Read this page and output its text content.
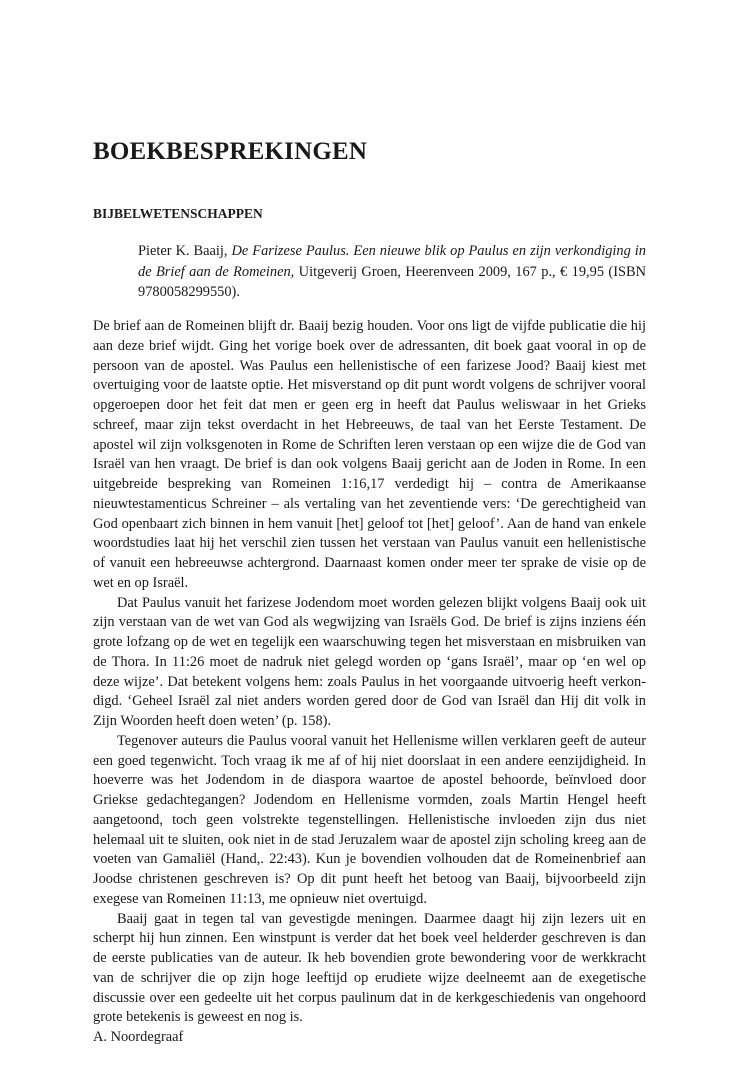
BOEKBESPREKINGEN
BIJBELWETENSCHAPPEN

Pieter K. Baaij, De Farizese Paulus. Een nieuwe blik op Paulus en zijn verkondiging in de Brief aan de Romeinen, Uitgeverij Groen, Heerenveen 2009, 167 p., € 19,95 (ISBN 9780058299550).

De brief aan de Romeinen blijft dr. Baaij bezig houden. Voor ons ligt de vijfde publicatie die hij aan deze brief wijdt. Ging het vorige boek over de adressanten, dit boek gaat vooral in op de persoon van de apostel. Was Paulus een hellenistische of een farizese Jood? Baaij kiest met overtuiging voor de laatste optie. Het misverstand op dit punt wordt volgens de schrijver vooral opgeroepen door het feit dat men er geen erg in heeft dat Paulus weliswaar in het Grieks schreef, maar zijn tekst overdacht in het Hebreeuws, de taal van het Eerste Testament. De apostel wil zijn volksgenoten in Rome de Schriften leren verstaan op een wijze die de God van Israël van hen vraagt. De brief is dan ook volgens Baaij gericht aan de Joden in Rome. In een uitgebreide bespreking van Romeinen 1:16,17 verdedigt hij – contra de Amerikaanse nieuwtestamenticus Schreiner – als vertaling van het zeventiende vers: ‘De gerechtigheid van God openbaart zich binnen in hem vanuit [het] geloof tot [het] geloof’. Aan de hand van enkele woordstudies laat hij het verschil zien tussen het verstaan van Paulus vanuit een hellenistische of vanuit een hebreeuwse achtergrond. Daarnaast komen onder meer ter sprake de visie op de wet en op Israël.

Dat Paulus vanuit het farizese Jodendom moet worden gelezen blijkt volgens Baaij ook uit zijn verstaan van de wet van God als wegwijzing van Israëls God. De brief is zijns inziens één grote lofzang op de wet en tegelijk een waarschuwing tegen het misverstaan en misbruiken van de Thora. In 11:26 moet de nadruk niet gelegd worden op ‘gans Israël’, maar op ‘en wel op deze wijze’. Dat betekent volgens hem: zoals Paulus in het voorgaande uitvoerig heeft verkondigd. ‘Geheel Israël zal niet anders worden gered door de God van Israël dan Hij dit volk in Zijn Woorden heeft doen weten’ (p. 158).

Tegenover auteurs die Paulus vooral vanuit het Hellenisme willen verklaren geeft de auteur een goed tegenwicht. Toch vraag ik me af of hij niet doorslaat in een andere eenzijdigheid. In hoeverre was het Jodendom in de diaspora waartoe de apostel behoorde, beïnvloed door Griekse gedachtegangen? Jodendom en Hellenisme vormden, zoals Martin Hengel heeft aangetoond, toch geen volstrekte tegenstellingen. Hellenistische invloeden zijn dus niet helemaal uit te sluiten, ook niet in de stad Jeruzalem waar de apostel zijn scholing kreeg aan de voeten van Gamaliël (Hand,. 22:43). Kun je bovendien volhouden dat de Romeinenbrief aan Joodse christenen geschreven is? Op dit punt heeft het betoog van Baaij, bijvoorbeeld zijn exegese van Romeinen 11:13, me opnieuw niet overtuigd.

Baaij gaat in tegen tal van gevestigde meningen. Daarmee daagt hij zijn lezers uit en scherpt hij hun zinnen. Een winstpunt is verder dat het boek veel helderder geschreven is dan de eerste publicaties van de auteur. Ik heb bovendien grote bewondering voor de werkkracht van de schrijver die op zijn hoge leeftijd op erudiete wijze deelneemt aan de exegetische discussie over een gedeelte uit het corpus paulinum dat in de kerkgeschiedenis van ongehoord grote betekenis is geweest en nog is.

A. Noordegraaf
